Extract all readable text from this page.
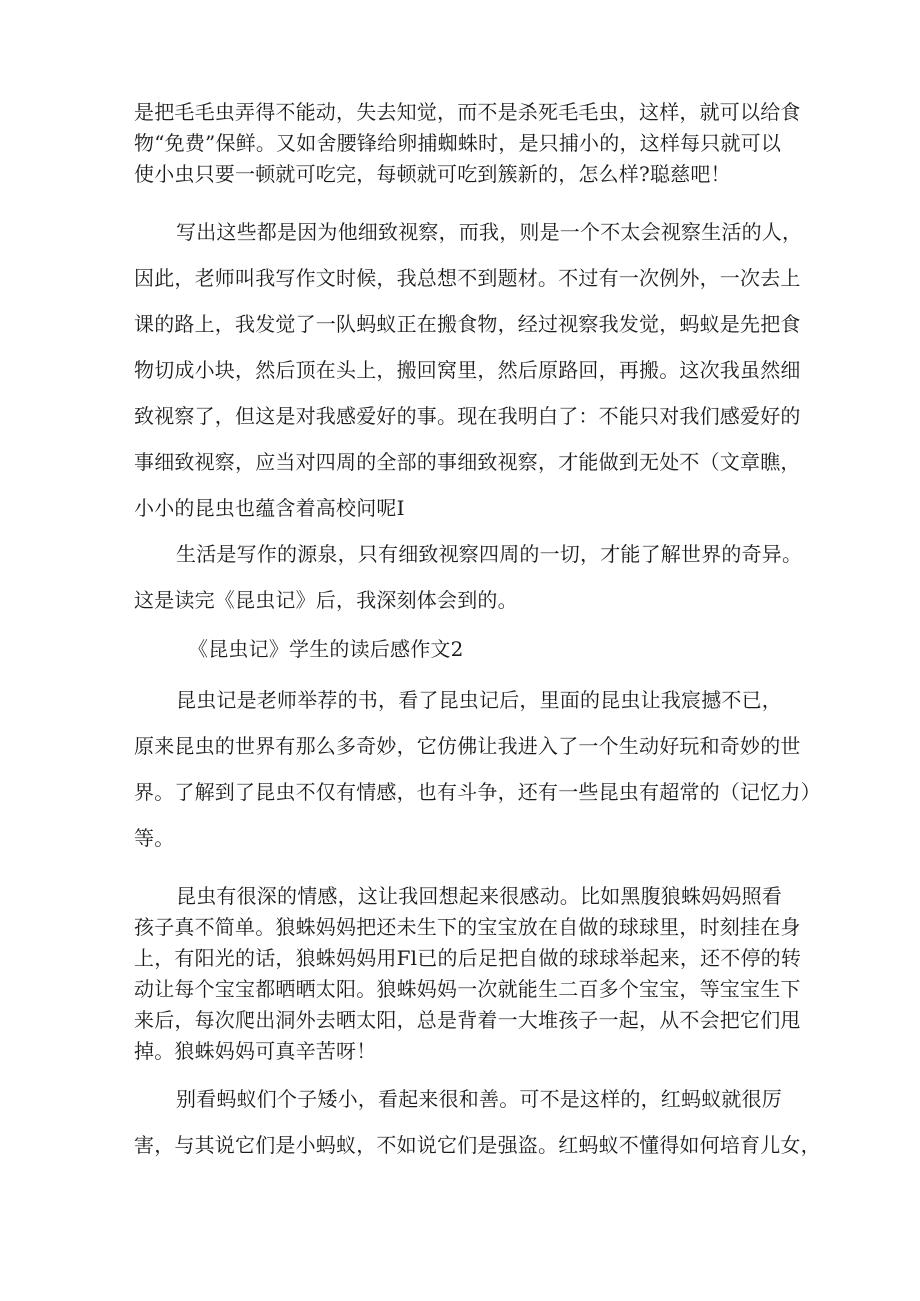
是把毛毛虫弄得不能动，失去知觉，而不是杀死毛毛虫，这样，就可以给食
物“免费”保鲜。又如舍腰锋给卵捕蜘蛛时，是只捕小的，这样每只就可以
使小虫只要一顿就可吃完，每顿就可吃到簇新的，怎么样?聪慈吧！
写出这些都是因为他细致视察，而我，则是一个不太会视察生活的人，
因此，老师叫我写作文时候，我总想不到题材。不过有一次例外，一次去上
课的路上，我发觉了一队蚂蚁正在搬食物，经过视察我发觉，蚂蚁是先把食
物切成小块，然后顶在头上，搬回窝里，然后原路回，再搬。这次我虽然细
致视察了，但这是对我感爱好的事。现在我明白了：不能只对我们感爱好的
事细致视察，应当对四周的全部的事细致视察，才能做到无处不（文章瞧，
小小的昆虫也蕴含着高校问呢I
生活是写作的源泉，只有细致视察四周的一切，才能了解世界的奇异。
这是读完《昆虫记》后，我深刻体会到的。
《昆虫记》学生的读后感作文2
昆虫记是老师举荐的书，看了昆虫记后，里面的昆虫让我宸撼不已，
原来昆虫的世界有那么多奇妙，它仿佛让我进入了一个生动好玩和奇妙的世
界。了解到了昆虫不仅有情感，也有斗争，还有一些昆虫有超常的（记忆力）
等。
昆虫有很深的情感，这让我回想起来很感动。比如黑腹狼蛛妈妈照看
孩子真不简单。狼蛛妈妈把还未生下的宝宝放在自做的球球里，时刻挂在身
上，有阳光的话，狼蛛妈妈用Fl已的后足把自做的球球举起来，还不停的转
动让每个宝宝都晒晒太阳。狼蛛妈妈一次就能生二百多个宝宝，等宝宝生下
来后，每次爬出洞外去晒太阳，总是背着一大堆孩子一起，从不会把它们甩
掉。狼蛛妈妈可真辛苦呀！
别看蚂蚁们个子矮小，看起来很和善。可不是这样的，红蚂蚁就很厉
害，与其说它们是小蚂蚁，不如说它们是强盗。红蚂蚁不懂得如何培育儿女，
